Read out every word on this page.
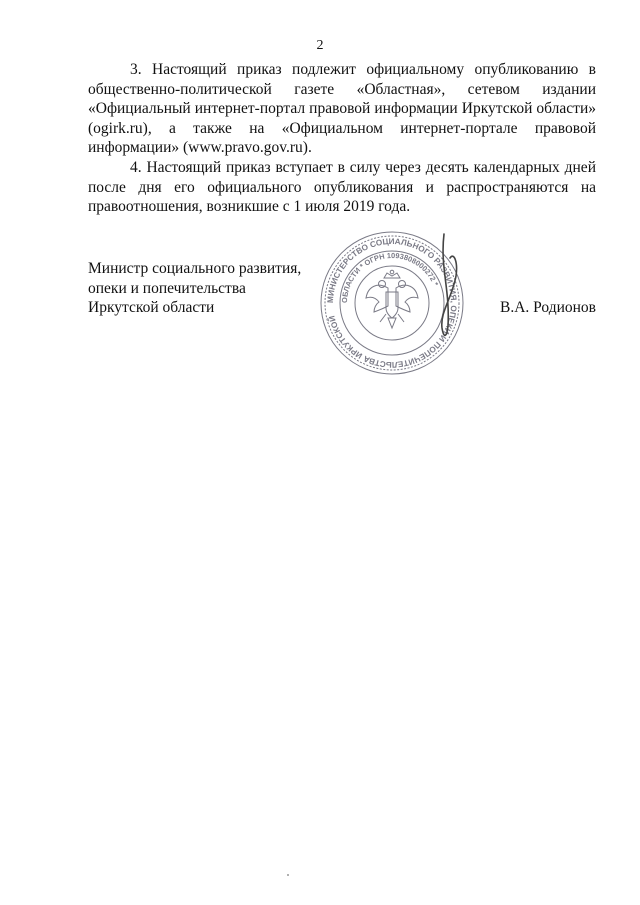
2

3. Настоящий приказ подлежит официальному опубликованию в общественно-политической газете «Областная», сетевом издании «Официальный интернет-портал правовой информации Иркутской области» (ogirk.ru), а также на «Официальном интернет-портале правовой информации» (www.pravo.gov.ru).

4. Настоящий приказ вступает в силу через десять календарных дней после дня его официального опубликования и распространяются на правоотношения, возникшие с 1 июля 2019 года.

Министр социального развития,
опеки и попечительства
Иркутской области	В.А. Родионов
МИНИСТЕРСТВО СОЦИАЛЬНОГО РАЗВИТИЯ, ОПЕКИ И ПОПЕЧИТЕЛЬСТВА ИРКУТСКОЙ
ОБЛАСТИ * ОГРН 1093808000272 *
